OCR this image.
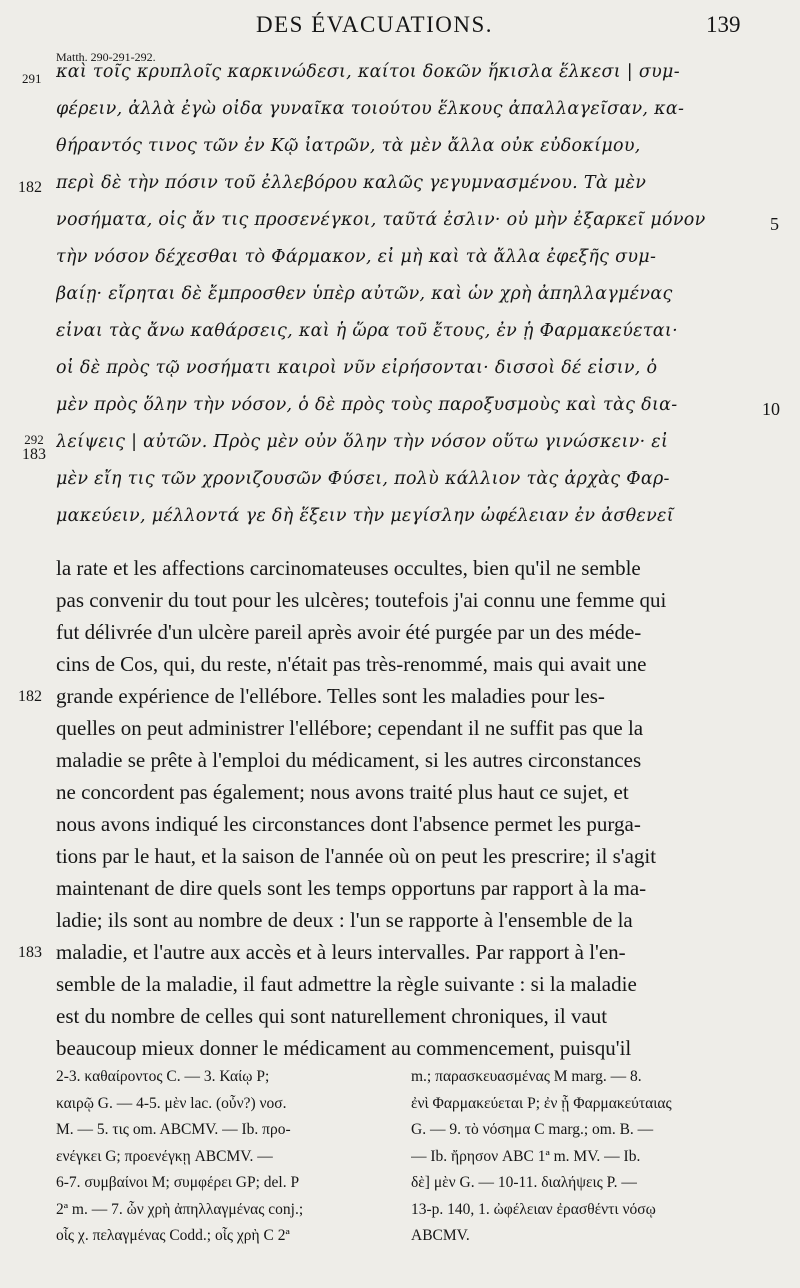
DES ÉVACUATIONS.	139
Matth. 290-291-292.
καὶ τοῖς κρυπλοῖς καρκινώδεσι, καίτοι δοκῶν ἥκισλα ἕλκεσι | συμ-
φέρειν, ἀλλὰ ἐγὼ οἶδα γυναῖκα τοιούτου ἕλκους ἀπαλλαγεῖσαν, κα-
θήραντός τινος τῶν ἐν Κῷ ἰατρῶν, τὰ μὲν ἄλλα οὐκ εὐδοκίμου,
περὶ δὲ τὴν πόσιν τοῦ ἐλλεβόρου καλῶς γεγυμνασμένου. Τὰ μὲν
νοσήματα, οἷς ἄν τις προσενέγκοι, ταῦτά ἐσλιν· οὐ μὴν ἐξαρκεῖ μόνον
τὴν νόσον δέχεσθαι τὸ Φάρμακον, εἰ μὴ καὶ τὰ ἄλλα ἐφεξῆς συμ-
βαίῃ· εἴρηται δὲ ἔμπροσθεν ὑπὲρ αὐτῶν, καὶ ὧν χρὴ ἀπηλλαγμένας
εἶναι τὰς ἄνω καθάρσεις, καὶ ἡ ὥρα τοῦ ἔτους, ἐν ᾗ Φαρμακεύεται·
οἱ δὲ πρὸς τῷ νοσήματι καιροὶ νῦν εἰρήσονται· δισσοὶ δέ εἰσιν, ὁ
μὲν πρὸς ὅλην τὴν νόσον, ὁ δὲ πρὸς τοὺς παροξυσμοὺς καὶ τὰς δια-
λείψεις | αὐτῶν. Πρὸς μὲν οὖν ὅλην τὴν νόσον οὕτω γινώσκειν· εἰ
μὲν εἴη τις τῶν χρονιζουσῶν Φύσει, πολὺ κάλλιον τὰς ἀρχὰς Φαρ-
μακεύειν, μέλλοντά γε δὴ ἕξειν τὴν μεγίσλην ὠφέλειαν ἐν ἀσθενεῖ
291
182
292
183
5
10
la rate et les affections carcinomateuses occultes, bien qu'il ne semble
pas convenir du tout pour les ulcères; toutefois j'ai connu une femme qui
fut délivrée d'un ulcère pareil après avoir été purgée par un des méde-
cins de Cos, qui, du reste, n'était pas très-renommé, mais qui avait une
grande expérience de l'ellébore. Telles sont les maladies pour les-
quelles on peut administrer l'ellébore; cependant il ne suffit pas que la
maladie se prête à l'emploi du médicament, si les autres circonstances
ne concordent pas également; nous avons traité plus haut ce sujet, et
nous avons indiqué les circonstances dont l'absence permet les purga-
tions par le haut, et la saison de l'année où on peut les prescrire; il s'agit
maintenant de dire quels sont les temps opportuns par rapport à la ma-
ladie; ils sont au nombre de deux : l'un se rapporte à l'ensemble de la
maladie, et l'autre aux accès et à leurs intervalles. Par rapport à l'en-
semble de la maladie, il faut admettre la règle suivante : si la maladie
est du nombre de celles qui sont naturellement chroniques, il vaut
beaucoup mieux donner le médicament au commencement, puisqu'il
182
183
2-3. καθαίροντος C. — 3. Καίῳ P;
καιρῷ G. — 4-5. μὲν lac. (οὖν?) νοσ.
M. — 5. τις om. ABCMV. — Ib. προ-
ενέγκει G; προενέγκῃ ABCMV. —
6-7. συμβαίνοι M; συμφέρει GP; del. P
2ª m. — 7. ὧν χρὴ ἀπηλλαγμένας conj.;
οἷς χ. πελαγμένας Codd.; οἷς χρὴ C 2ª
m.; παρασκευασμένας M marg. — 8.
ἐνὶ Φαρμακεύεται P; ἐν ᾗ Φαρμακεύταιας
G. — 9. τὸ νόσημα C marg.; om. B. —
— Ib. ἤρησον ABC 1ª m. MV. — Ib.
δὲ] μὲν G. — 10-11. διαλήψεις P. —
13-p. 140, 1. ὠφέλειαν ἐρασθέντι νόσῳ
ABCMV.
